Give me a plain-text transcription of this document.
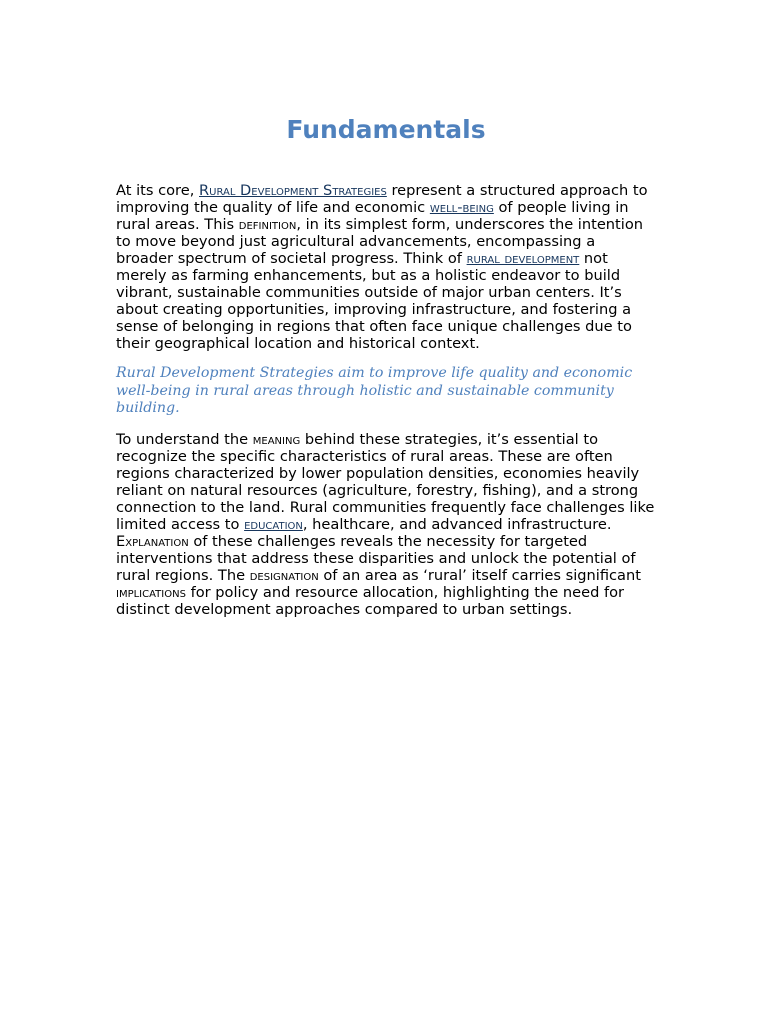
Fundamentals

At its core, Rural Development Strategies represent a structured approach to improving the quality of life and economic well-being of people living in rural areas. This definition, in its simplest form, underscores the intention to move beyond just agricultural advancements, encompassing a broader spectrum of societal progress. Think of rural development not merely as farming enhancements, but as a holistic endeavor to build vibrant, sustainable communities outside of major urban centers. It’s about creating opportunities, improving infrastructure, and fostering a sense of belonging in regions that often face unique challenges due to their geographical location and historical context.

Rural Development Strategies aim to improve life quality and economic well-being in rural areas through holistic and sustainable community building.

To understand the meaning behind these strategies, it’s essential to recognize the specific characteristics of rural areas. These are often regions characterized by lower population densities, economies heavily reliant on natural resources (agriculture, forestry, fishing), and a strong connection to the land. Rural communities frequently face challenges like limited access to education, healthcare, and advanced infrastructure.

Explanation of these challenges reveals the necessity for targeted interventions that address these disparities and unlock the potential of rural regions. The designation of an area as ‘rural’ itself carries significant implications for policy and resource allocation, highlighting the need for distinct development approaches compared to urban settings.
